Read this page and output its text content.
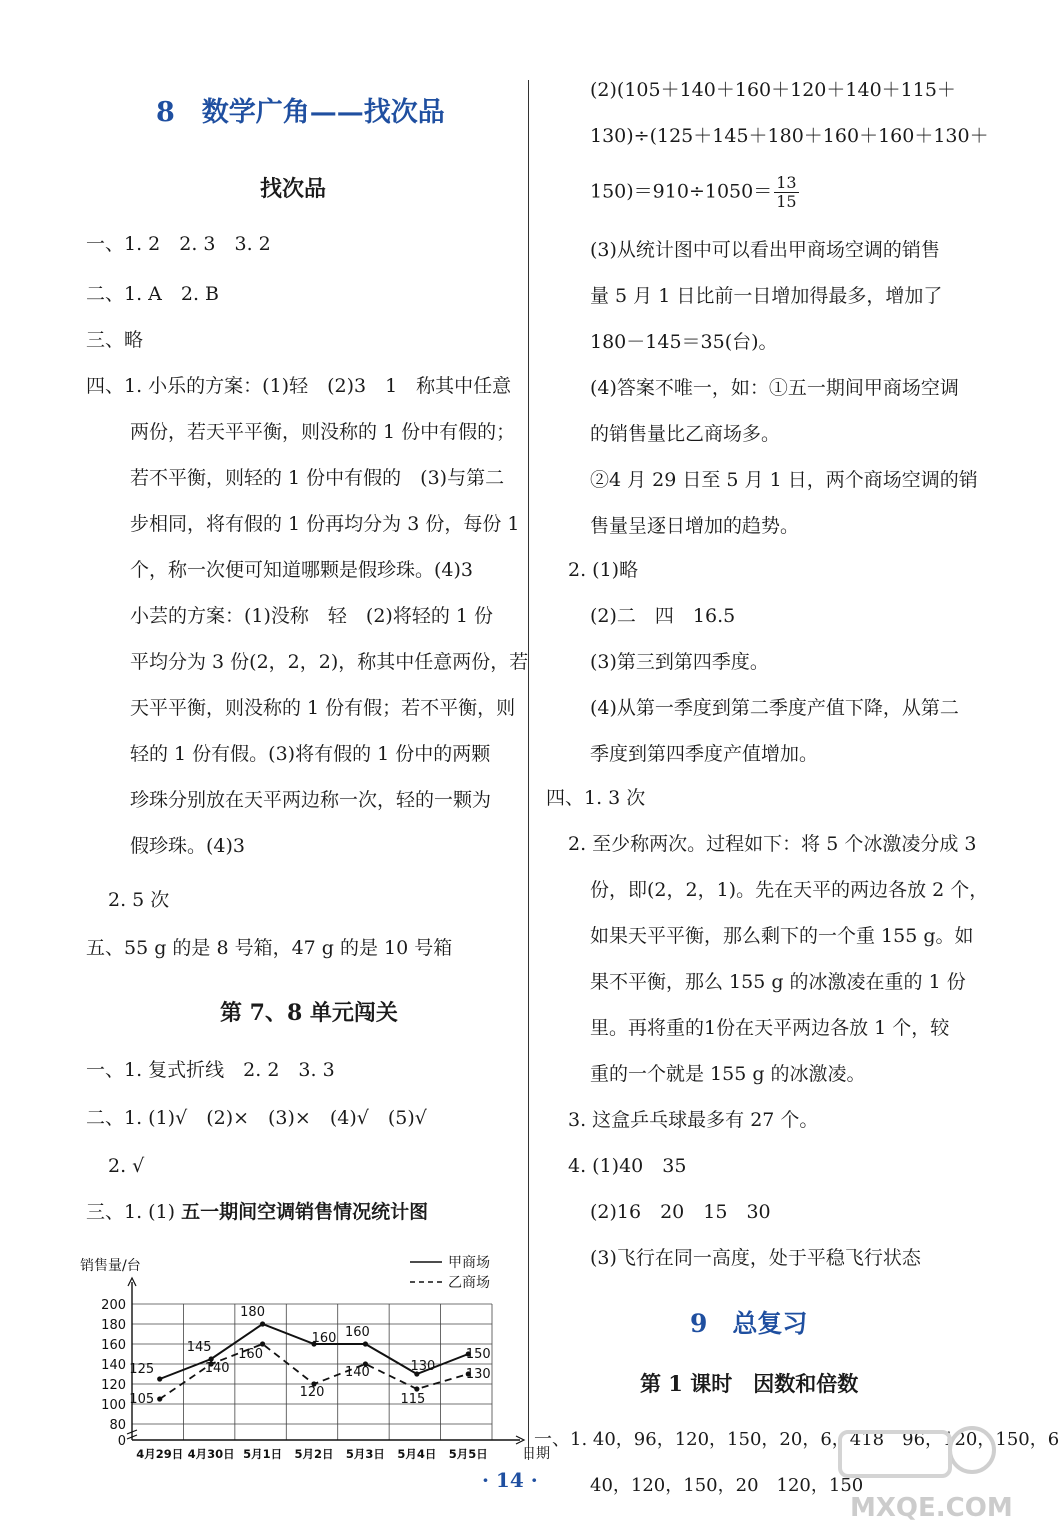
8　数学广角——找次品
找次品
一、1. 2　2. 3　3. 2
二、1. A　2. B
三、略
四、1. 小乐的方案：(1)轻　(2)3　1　称其中任意
两份，若天平平衡，则没称的 1 份中有假的；
若不平衡，则轻的 1 份中有假的　(3)与第二
步相同，将有假的 1 份再均分为 3 份，每份 1
个，称一次便可知道哪颗是假珍珠。(4)3
小芸的方案：(1)没称　轻　(2)将轻的 1 份
平均分为 3 份(2，2，2)，称其中任意两份，若
天平平衡，则没称的 1 份有假；若不平衡，则
轻的 1 份有假。(3)将有假的 1 份中的两颗
珍珠分别放在天平两边称一次，轻的一颗为
假珍珠。(4)3
2. 5 次
五、55 g 的是 8 号箱，47 g 的是 10 号箱
第 7、8 单元闯关
一、1. 复式折线　2. 2　3. 3
二、1. (1)√　(2)×　(3)×　(4)√　(5)√
2. √
三、1. (1) 五一期间空调销售情况统计图
0
80
100
120
140
160
180
200
销售量/台
日期
4月29日 4月30日 5月1日 5月2日 5月3日 5月4日 5月5日
125
145
180
160 160
130
150
105
140
160
120
140
115
130
甲商场
乙商场
(2)(105＋140＋160＋120＋140＋115＋
130)÷(125＋145＋180＋160＋160＋130＋
$150)=910\div 1050= \frac{13}{15}$
(3)从统计图中可以看出甲商场空调的销售
量 5 月 1 日比前一日增加得最多，增加了
180－145＝35(台)。
(4)答案不唯一，如：①五一期间甲商场空调
的销售量比乙商场多。
②4 月 29 日至 5 月 1 日，两个商场空调的销
售量呈逐日增加的趋势。
2. (1)略
(2)二　四　16.5
(3)第三到第四季度。
(4)从第一季度到第二季度产值下降，从第二
季度到第四季度产值增加。
四、1. 3 次
2. 至少称两次。过程如下：将 5 个冰激凌分成 3
份，即(2，2，1)。先在天平的两边各放 2 个，
如果天平平衡，那么剩下的一个重 155 g。如
果不平衡，那么 155 g 的冰激凌在重的 1 份
里。再将重的1份在天平两边各放 1 个，较
重的一个就是 155 g 的冰激凌。
3. 这盒乒乓球最多有 27 个。
4. (1)40　35
(2)16　20　15　30
(3)飞行在同一高度，处于平稳飞行状态
9　总复习
第 1 课时　因数和倍数
一、1. 40，96，120，150，20，6，418　96，120，150，6
40，120，150，20　120，150
· 14 ·
MXQE.COM
